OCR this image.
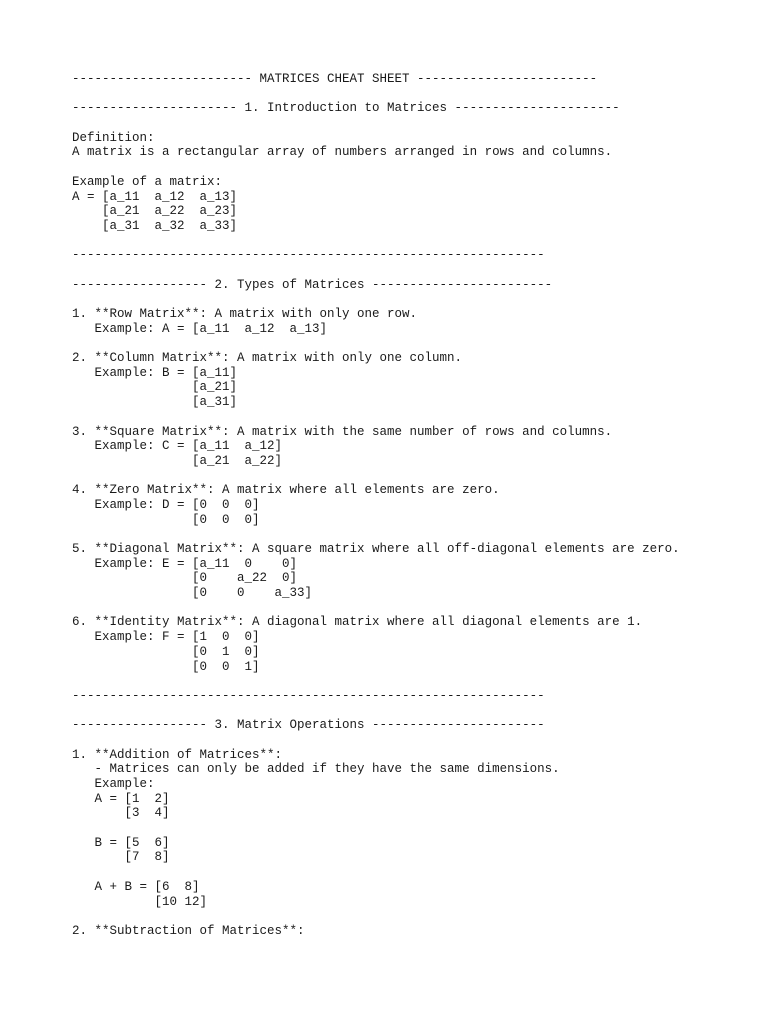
------------------------ MATRICES CHEAT SHEET ------------------------
---------------------- 1. Introduction to Matrices ----------------------
Definition:
A matrix is a rectangular array of numbers arranged in rows and columns.
Example of a matrix:
A = [a_11  a_12  a_13]
[a_21  a_22  a_23]
[a_31  a_32  a_33]
---------------------------------------------------------------
------------------ 2. Types of Matrices ------------------------
1. **Row Matrix**: A matrix with only one row.
Example: A = [a_11  a_12  a_13]
2. **Column Matrix**: A matrix with only one column.
Example: B = [a_11]
[a_21]
[a_31]
3. **Square Matrix**: A matrix with the same number of rows and columns.
Example: C = [a_11  a_12]
[a_21  a_22]
4. **Zero Matrix**: A matrix where all elements are zero.
Example: D = [0  0  0]
[0  0  0]
5. **Diagonal Matrix**: A square matrix where all off-diagonal elements are zero.
Example: E = [a_11  0    0]
[0    a_22  0]
[0    0    a_33]
6. **Identity Matrix**: A diagonal matrix where all diagonal elements are 1.
Example: F = [1  0  0]
[0  1  0]
[0  0  1]
---------------------------------------------------------------
------------------ 3. Matrix Operations -----------------------
1. **Addition of Matrices**:
- Matrices can only be added if they have the same dimensions.
Example:
A = [1  2]
[3  4]
B = [5  6]
[7  8]
A + B = [6  8]
[10 12]
2. **Subtraction of Matrices**:
